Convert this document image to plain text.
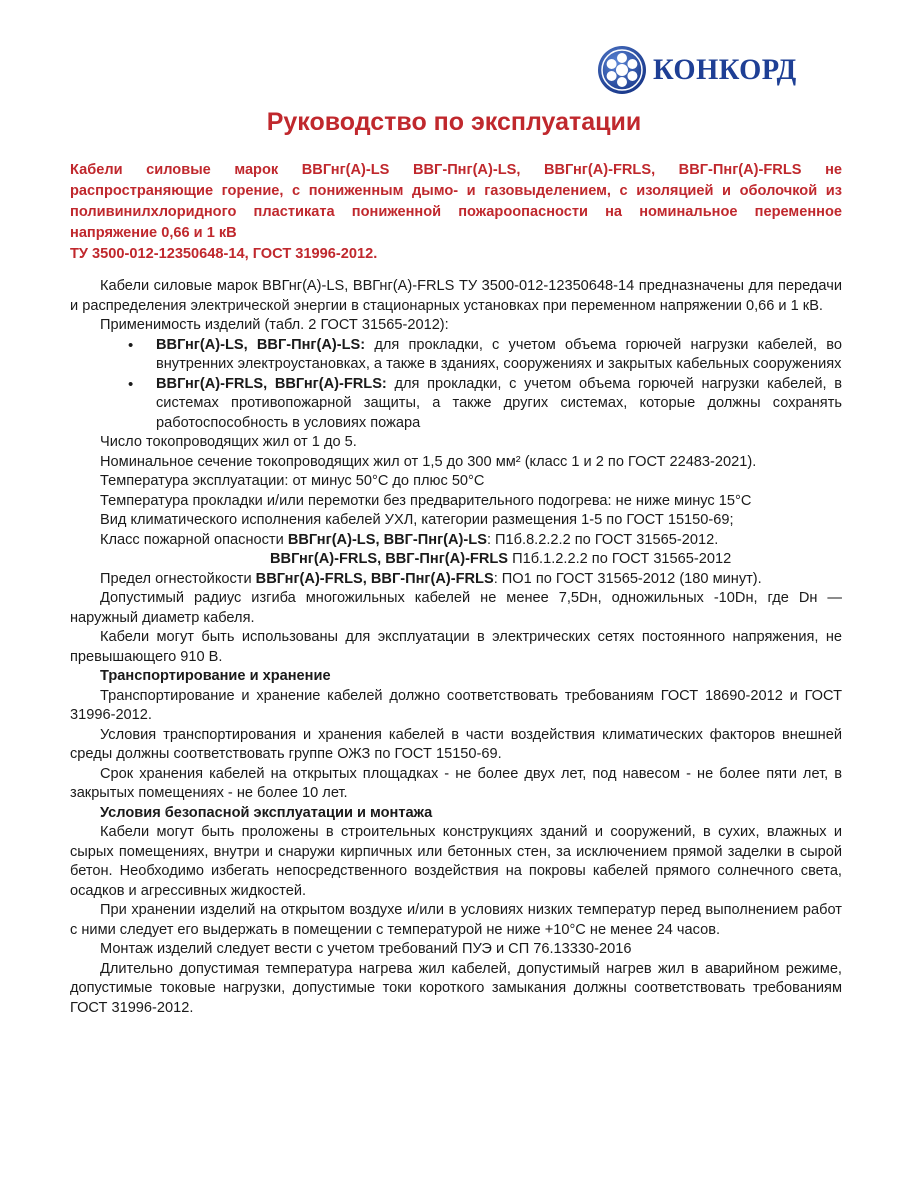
КОНКОРД
Руководство по эксплуатации

Кабели силовые марок ВВГнг(А)-LS ВВГ-Пнг(А)-LS, ВВГнг(А)-FRLS, ВВГ-Пнг(А)-FRLS не распространяющие горение, с пониженным дымо- и газовыделением, с изоляцией и оболочкой из поливинилхлоридного пластиката пониженной пожароопасности на номинальное переменное напряжение 0,66 и 1 кВ

ТУ 3500-012-12350648-14, ГОСТ 31996-2012.

Кабели силовые марок ВВГнг(А)-LS, ВВГнг(А)-FRLS ТУ 3500-012-12350648-14 предназначены для передачи и распределения электрической энергии в стационарных установках при переменном напряжении 0,66 и 1 кВ.

Применимость изделий (табл. 2 ГОСТ 31565-2012):

• ВВГнг(А)-LS, ВВГ-Пнг(А)-LS: для прокладки, с учетом объема горючей нагрузки кабелей, во внутренних электроустановках, а также в зданиях, сооружениях и закрытых кабельных сооружениях
• ВВГнг(А)-FRLS, ВВГнг(А)-FRLS: для прокладки, с учетом объема горючей нагрузки кабелей, в системах противопожарной защиты, а также других системах, которые должны сохранять работоспособность в условиях пожара

Число токопроводящих жил от 1 до 5.

Номинальное сечение токопроводящих жил от 1,5 до 300 мм² (класс 1 и 2 по ГОСТ 22483-2021).

Температура эксплуатации: от минус 50°С до плюс 50°С

Температура прокладки и/или перемотки без предварительного подогрева: не ниже минус 15°С

Вид климатического исполнения кабелей УХЛ, категории размещения 1-5 по ГОСТ 15150-69;

Класс пожарной опасности ВВГнг(А)-LS, ВВГ-Пнг(А)-LS: П1б.8.2.2.2 по ГОСТ 31565-2012.

ВВГнг(А)-FRLS, ВВГ-Пнг(А)-FRLS П1б.1.2.2.2 по ГОСТ 31565-2012

Предел огнестойкости ВВГнг(А)-FRLS, ВВГ-Пнг(А)-FRLS: ПО1 по ГОСТ 31565-2012 (180 минут).

Допустимый радиус изгиба многожильных кабелей не менее 7,5Dн, одножильных -10Dн, где Dн — наружный диаметр кабеля.

Кабели могут быть использованы для эксплуатации в электрических сетях постоянного напряжения, не превышающего 910 В.

Транспортирование и хранение

Транспортирование и хранение кабелей должно соответствовать требованиям ГОСТ 18690-2012 и ГОСТ 31996-2012.

Условия транспортирования и хранения кабелей в части воздействия климатических факторов внешней среды должны соответствовать группе ОЖЗ по ГОСТ 15150-69.

Срок хранения кабелей на открытых площадках - не более двух лет, под навесом - не более пяти лет, в закрытых помещениях - не более 10 лет.

Условия безопасной эксплуатации и монтажа

Кабели могут быть проложены в строительных конструкциях зданий и сооружений, в сухих, влажных и сырых помещениях, внутри и снаружи кирпичных или бетонных стен, за исключением прямой заделки в сырой бетон. Необходимо избегать непосредственного воздействия на покровы кабелей прямого солнечного света, осадков и агрессивных жидкостей.

При хранении изделий на открытом воздухе и/или в условиях низких температур перед выполнением работ с ними следует его выдержать в помещении с температурой не ниже +10°С не менее 24 часов.

Монтаж изделий следует вести с учетом требований ПУЭ и СП 76.13330-2016

Длительно допустимая температура нагрева жил кабелей, допустимый нагрев жил в аварийном режиме, допустимые токовые нагрузки, допустимые токи короткого замыкания должны соответствовать требованиям ГОСТ 31996-2012.
